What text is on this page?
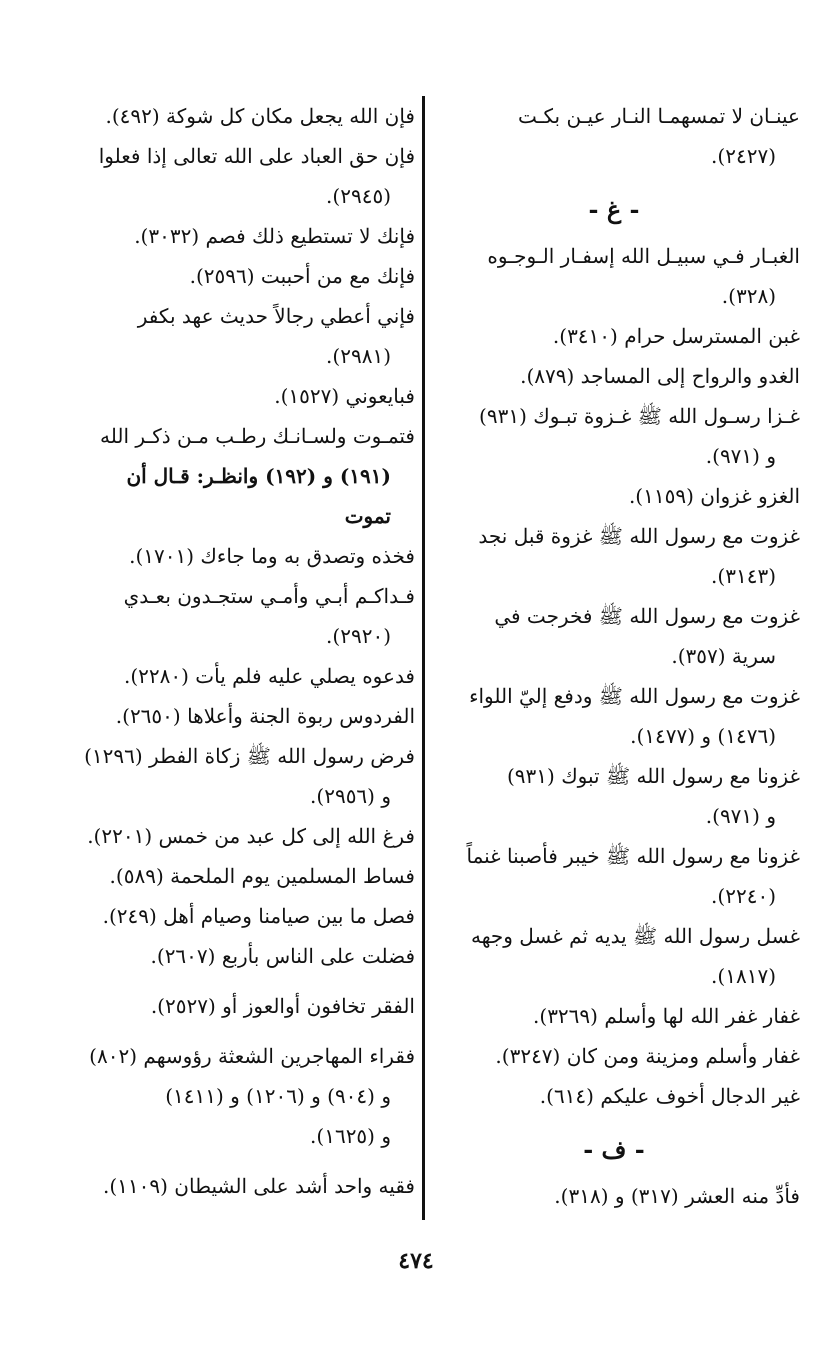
عينـان لا تمسهمـا النـار عيـن بكـت
(٢٤٢٧).

- غ -

الغبـار فـي سبيـل الله إسفـار الـوجـوه
(٣٢٨).

غبن المسترسل حرام (٣٤١٠).

الغدو والرواح إلى المساجد (٨٧٩).

غـزا رسـول الله ﷺ غـزوة تبـوك (٩٣١)
و (٩٧١).

الغزو غزوان (١١٥٩).

غزوت مع رسول الله ﷺ غزوة قبل نجد
(٣١٤٣).

غزوت مع رسول الله ﷺ فخرجت في
سرية (٣٥٧).

غزوت مع رسول الله ﷺ ودفع إليّ اللواء
(١٤٧٦) و (١٤٧٧).

غزونا مع رسول الله ﷺ تبوك (٩٣١)
و (٩٧١).

غزونا مع رسول الله ﷺ خيبر فأصبنا غنماً
(٢٢٤٠).

غسل رسول الله ﷺ يديه ثم غسل وجهه
(١٨١٧).

غفار غفر الله لها وأسلم (٣٢٦٩).

غفار وأسلم ومزينة ومن كان (٣٢٤٧).

غير الدجال أخوف عليكم (٦١٤).

- ف -

فأدِّ منه العشر (٣١٧) و (٣١٨).

فإن الله يجعل مكان كل شوكة (٤٩٢).

فإن حق العباد على الله تعالى إذا فعلوا
(٢٩٤٥).

فإنك لا تستطيع ذلك فصم (٣٠٣٢).

فإنك مع من أحببت (٢٥٩٦).

فإني أعطي رجالاً حديث عهد بكفر
(٢٩٨١).

فبايعوني (١٥٢٧).

فتمـوت ولسـانـك رطـب مـن ذكـر الله
(١٩١) و (١٩٢) وانظـر: قـال أن
تموت

فخذه وتصدق به وما جاءك (١٧٠١).

فـداكـم أبـي وأمـي ستجـدون بعـدي
(٢٩٢٠).

فدعوه يصلي عليه فلم يأت (٢٢٨٠).

الفردوس ربوة الجنة وأعلاها (٢٦٥٠).

فرض رسول الله ﷺ زكاة الفطر (١٢٩٦)
و (٢٩٥٦).

فرغ الله إلى كل عبد من خمس (٢٢٠١).

فساط المسلمين يوم الملحمة (٥٨٩).

فصل ما بين صيامنا وصيام أهل (٢٤٩).

فضلت على الناس بأربع (٢٦٠٧).

الفقر تخافون أوالعوز أو (٢٥٢٧).

فقراء المهاجرين الشعثة رؤوسهم (٨٠٢)
و (٩٠٤) و (١٢٠٦) و (١٤١١)
و (١٦٢٥).

فقيه واحد أشد على الشيطان (١١٠٩).

٤٧٤
